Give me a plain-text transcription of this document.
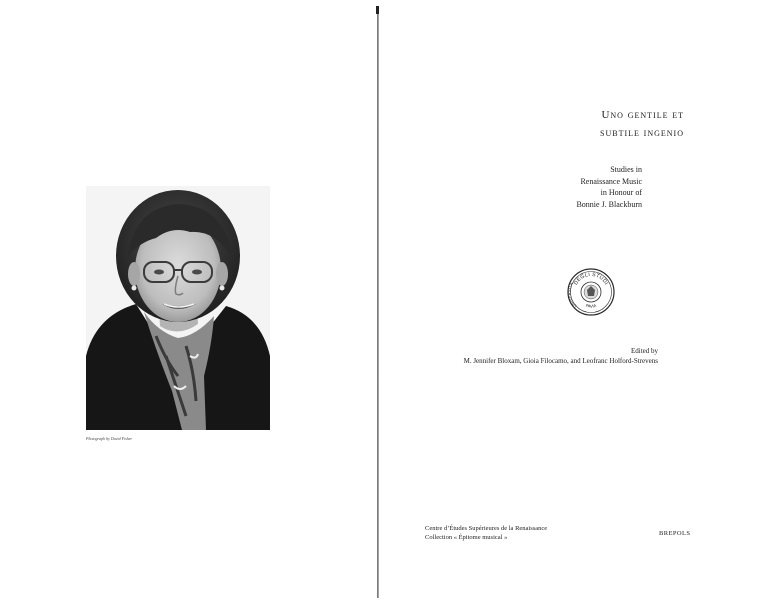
Photograph by David Fisher
Uno gentile et
subtile ingenio
Studies in
Renaissance Music
in Honour of
Bonnie J. Blackburn
DEGLI STUDI
UNIVERSITÀ
PAVIA
Edited by
M. Jennifer Bloxam, Gioia Filocamo, and Leofranc Holford-Strevens
Centre d’Études Supérieures de la Renaissance
Collection « Épitome musical »
BREPOLS
